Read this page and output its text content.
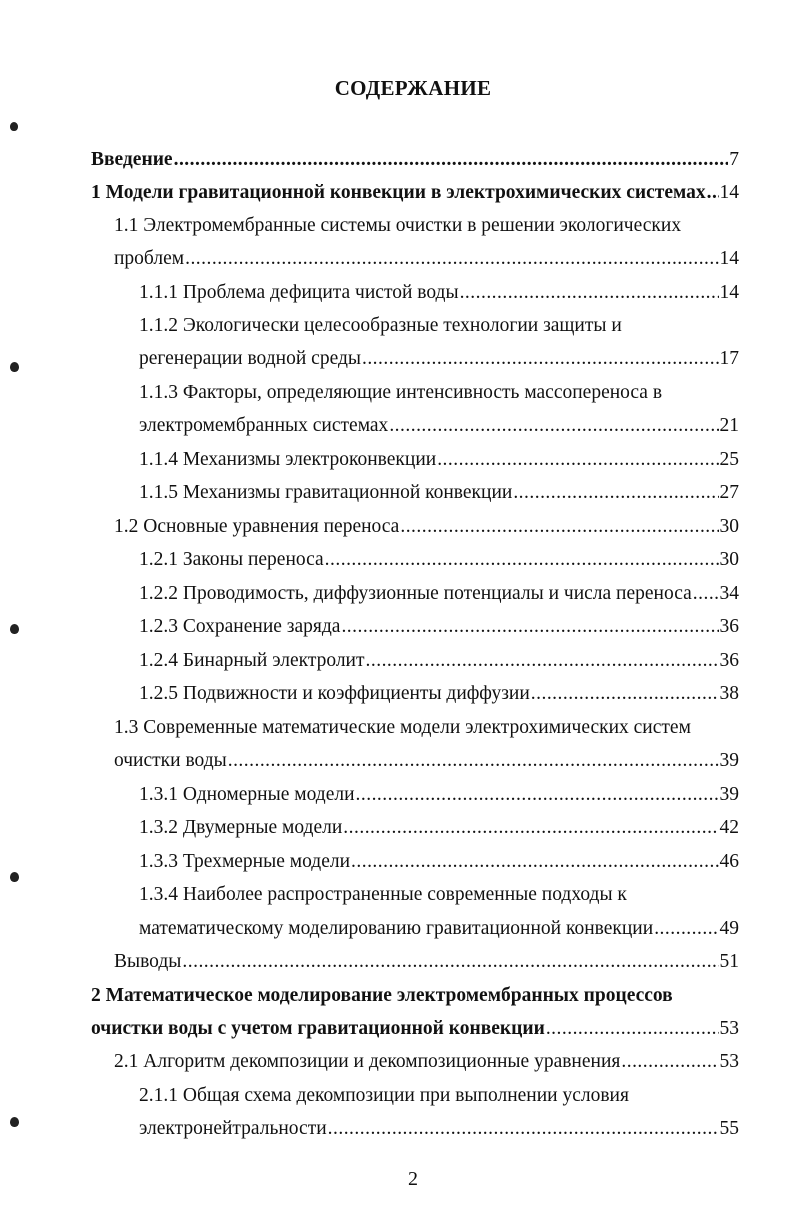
СОДЕРЖАНИЕ
Введение . . .	7
1 Модели гравитационной конвекции в электрохимических системах . . . 14
1.1 Электромембранные системы очистки в решении экологических
проблем . . .	14
1.1.1 Проблема дефицита чистой воды . . .	14
1.1.2 Экологически целесообразные технологии защиты и
регенерации водной среды . . .	17
1.1.3 Факторы, определяющие интенсивность массопереноса в
электромембранных системах . . .	21
1.1.4 Механизмы электроконвекции . . .	25
1.1.5 Механизмы гравитационной конвекции . . .	27
1.2 Основные уравнения переноса . . .	30
1.2.1 Законы переноса . . .	30
1.2.2 Проводимость, диффузионные потенциалы и числа переноса . . . 34
1.2.3 Сохранение заряда . . .	36
1.2.4 Бинарный электролит . . .	36
1.2.5 Подвижности и коэффициенты диффузии . . .	38
1.3 Современные математические модели электрохимических систем
очистки воды . . .	39
1.3.1 Одномерные модели . . .	39
1.3.2 Двумерные модели . . .	42
1.3.3 Трехмерные модели . . .	46
1.3.4 Наиболее распространенные современные подходы к
математическому моделированию гравитационной конвекции . . .	49
Выводы . . .	51
2 Математическое моделирование электромембранных процессов
очистки воды с учетом гравитационной конвекции . . .	53
2.1 Алгоритм декомпозиции и декомпозиционные уравнения . . .	53
2.1.1 Общая схема декомпозиции при выполнении условия
электронейтральности . . .	55
2
